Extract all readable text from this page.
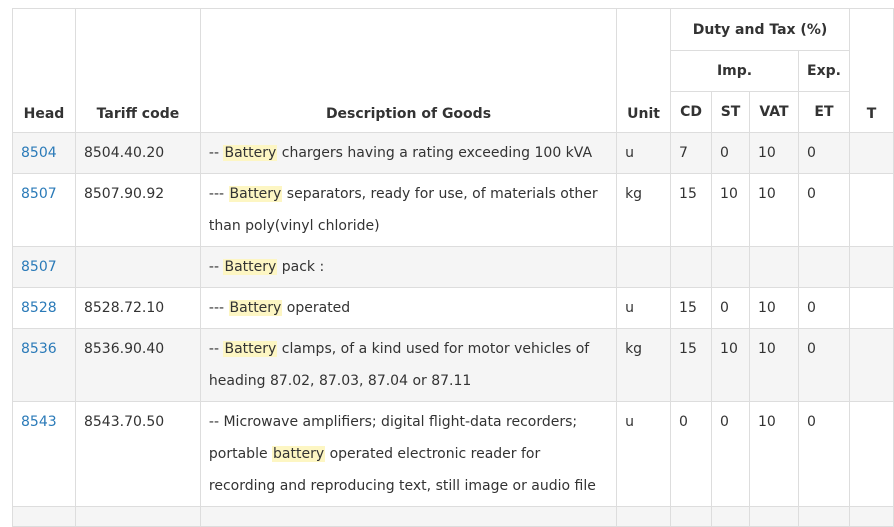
Head	Tariff code	Description of Goods	Unit	Duty and Tax (%)				T
				Imp.			Exp.	
				CD	ST	VAT	ET	
8504	8504.40.20	-- Battery chargers having a rating exceeding 100 kVA	u	7	0	10	0	
8507	8507.90.92	--- Battery separators, ready for use, of materials other than poly(vinyl chloride)	kg	15	10	10	0	
8507		-- Battery pack :						
8528	8528.72.10	--- Battery operated	u	15	0	10	0	
8536	8536.90.40	-- Battery clamps, of a kind used for motor vehicles of heading 87.02, 87.03, 87.04 or 87.11	kg	15	10	10	0	
8543	8543.70.50	-- Microwave amplifiers; digital flight-data recorders; portable battery operated electronic reader for recording and reproducing text, still image or audio file	u	0	0	10	0	
